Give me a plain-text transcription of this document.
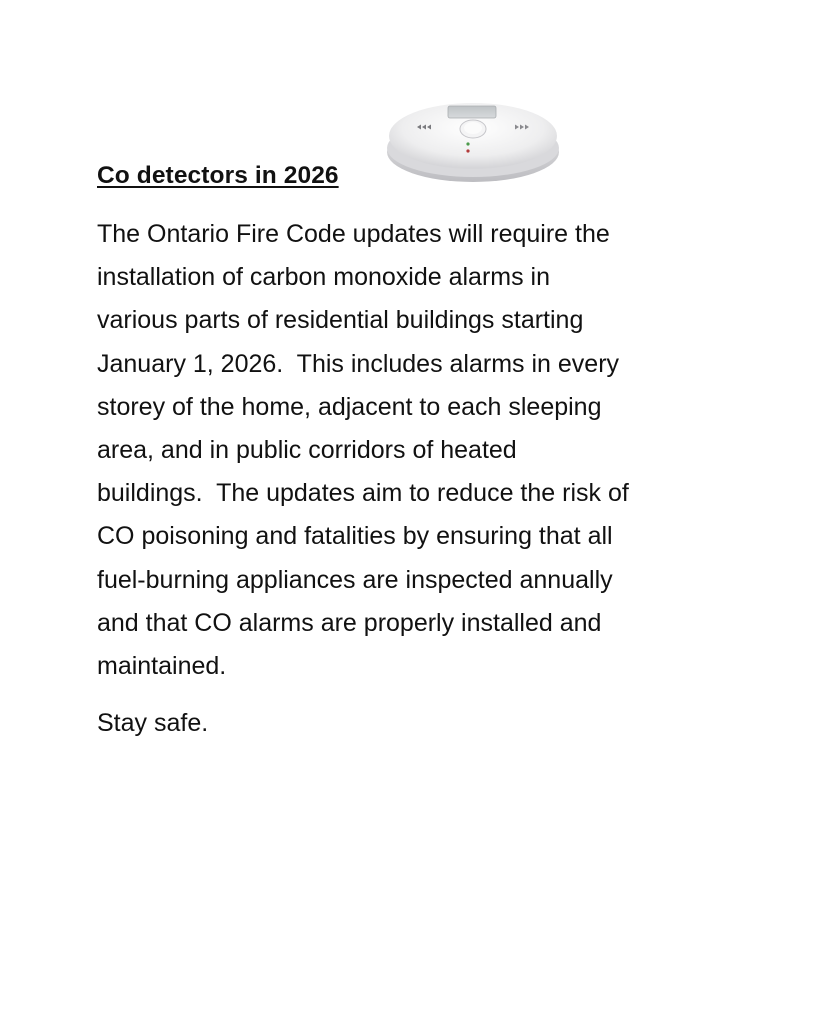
Co detectors in 2026

The Ontario Fire Code updates will require the
installation of carbon monoxide alarms in
various parts of residential buildings starting
January 1, 2026.  This includes alarms in every
storey of the home, adjacent to each sleeping
area, and in public corridors of heated
buildings.  The updates aim to reduce the risk of
CO poisoning and fatalities by ensuring that all
fuel-burning appliances are inspected annually
and that CO alarms are properly installed and
maintained.

Stay safe.
